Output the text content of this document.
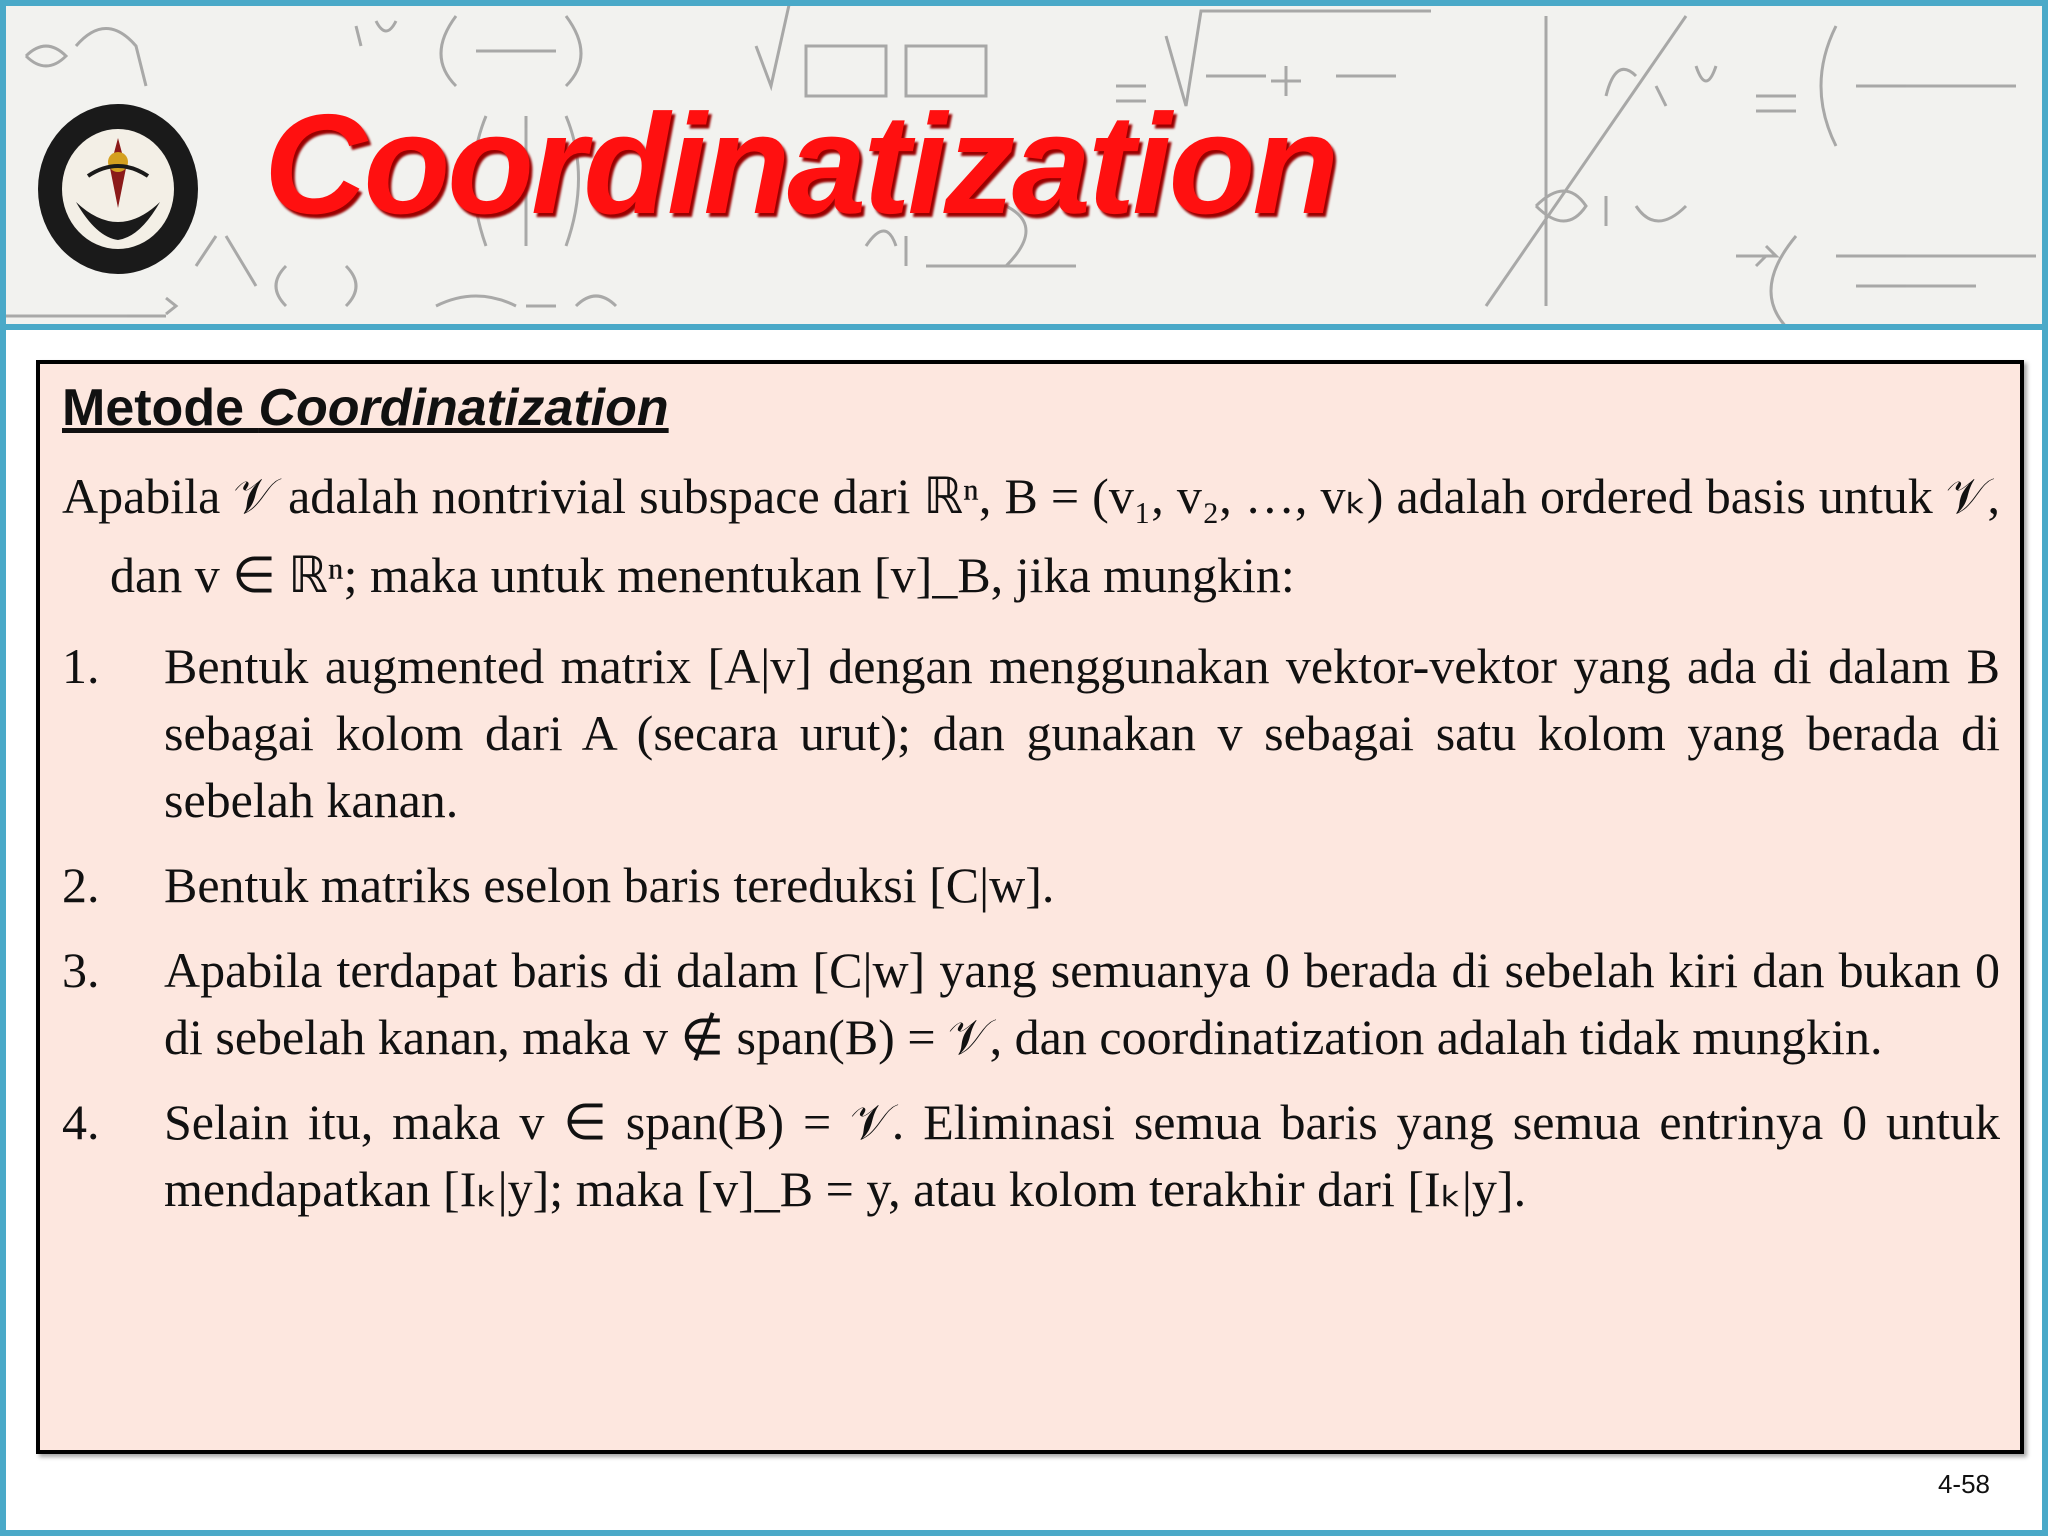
Coordinatization
Metode Coordinatization
Apabila 𝒱 adalah nontrivial subspace dari ℝⁿ, B = (v₁, v₂, …, vₖ) adalah ordered basis untuk 𝒱, dan v ∈ ℝⁿ; maka untuk menentukan [v]_B, jika mungkin:
1. Bentuk augmented matrix [A|v] dengan menggunakan vektor-vektor yang ada di dalam B sebagai kolom dari A (secara urut); dan gunakan v sebagai satu kolom yang berada di sebelah kanan.
2. Bentuk matriks eselon baris tereduksi [C|w].
3. Apabila terdapat baris di dalam [C|w] yang semuanya 0 berada di sebelah kiri dan bukan 0 di sebelah kanan, maka v ∉ span(B) = 𝒱, dan coordinatization adalah tidak mungkin.
4. Selain itu, maka v ∈ span(B) = 𝒱. Eliminasi semua baris yang semua entrinya 0 untuk mendapatkan [Iₖ|y]; maka [v]_B = y, atau kolom terakhir dari [Iₖ|y].
4-58
